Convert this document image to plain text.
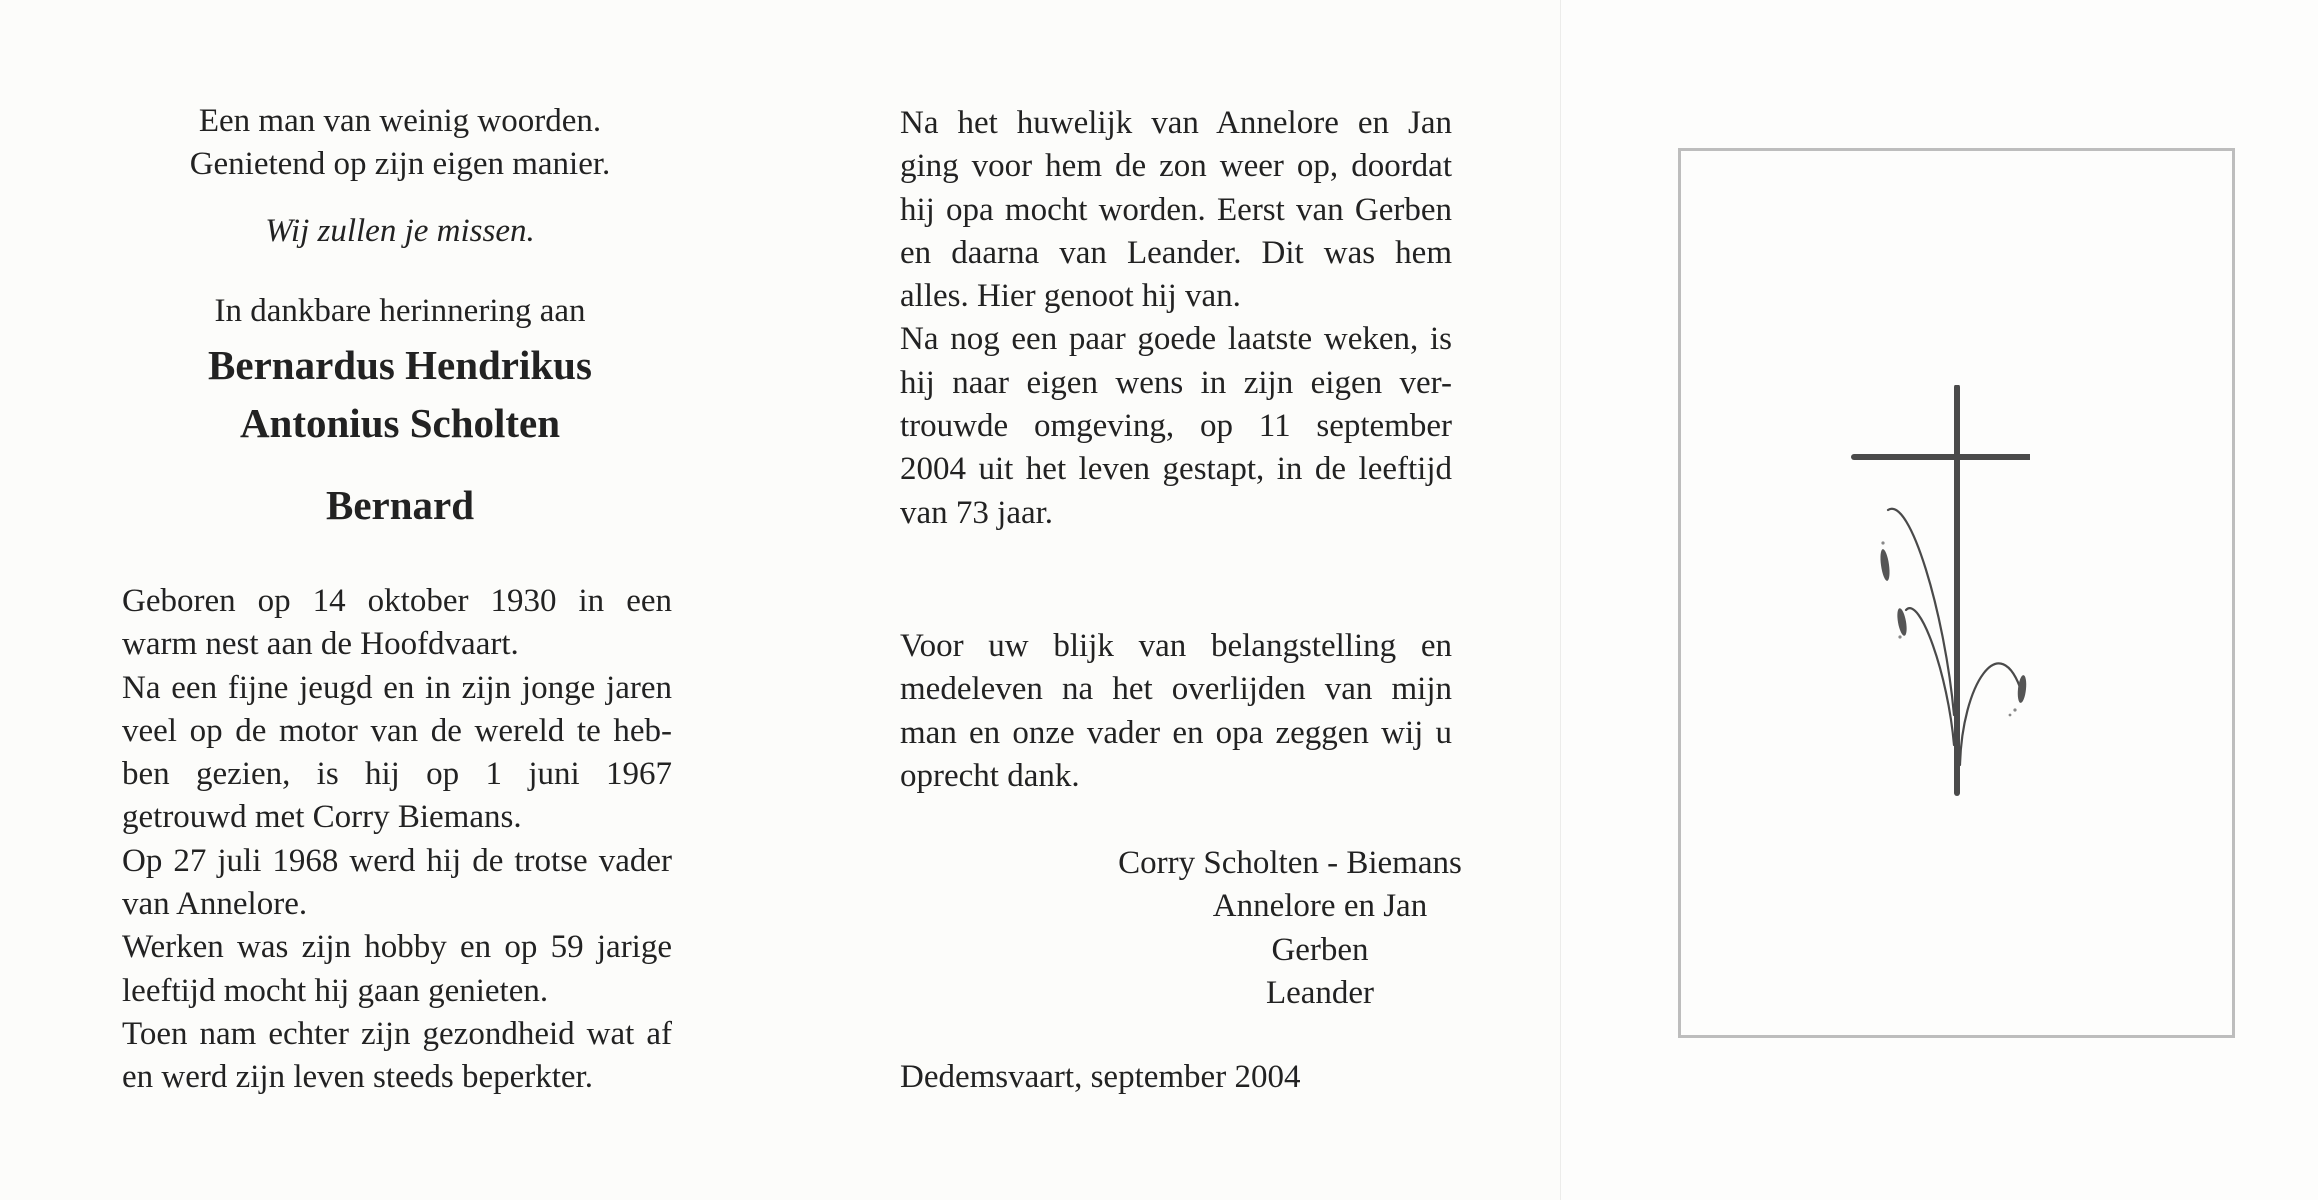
Een man van weinig woorden.
Genietend op zijn eigen manier.
Wij zullen je missen.
In dankbare herinnering aan
Bernardus Hendrikus
Antonius Scholten
Bernard

Geboren op 14 oktober 1930 in een

warm nest aan de Hoofdvaart.

Na een fijne jeugd en in zijn jonge jaren

veel op de motor van de wereld te heb-

ben gezien, is hij op 1 juni 1967

getrouwd met Corry Biemans.

Op 27 juli 1968 werd hij de trotse vader

van Annelore.

Werken was zijn hobby en op 59 jarige

leeftijd mocht hij gaan genieten.

Toen nam echter zijn gezondheid wat af

en werd zijn leven steeds beperkter.

Na het huwelijk van Annelore en Jan

ging voor hem de zon weer op, doordat

hij opa mocht worden. Eerst van Gerben

en daarna van Leander. Dit was hem

alles. Hier genoot hij van.

Na nog een paar goede laatste weken, is

hij naar eigen wens in zijn eigen ver-

trouwde omgeving, op 11 september

2004 uit het leven gestapt, in de leeftijd

van 73 jaar.

Voor uw blijk van belangstelling en

medeleven na het overlijden van mijn

man en onze vader en opa zeggen wij u

oprecht dank.

Corry Scholten - Biemans
Annelore en Jan
Gerben
Leander
Dedemsvaart, september 2004
